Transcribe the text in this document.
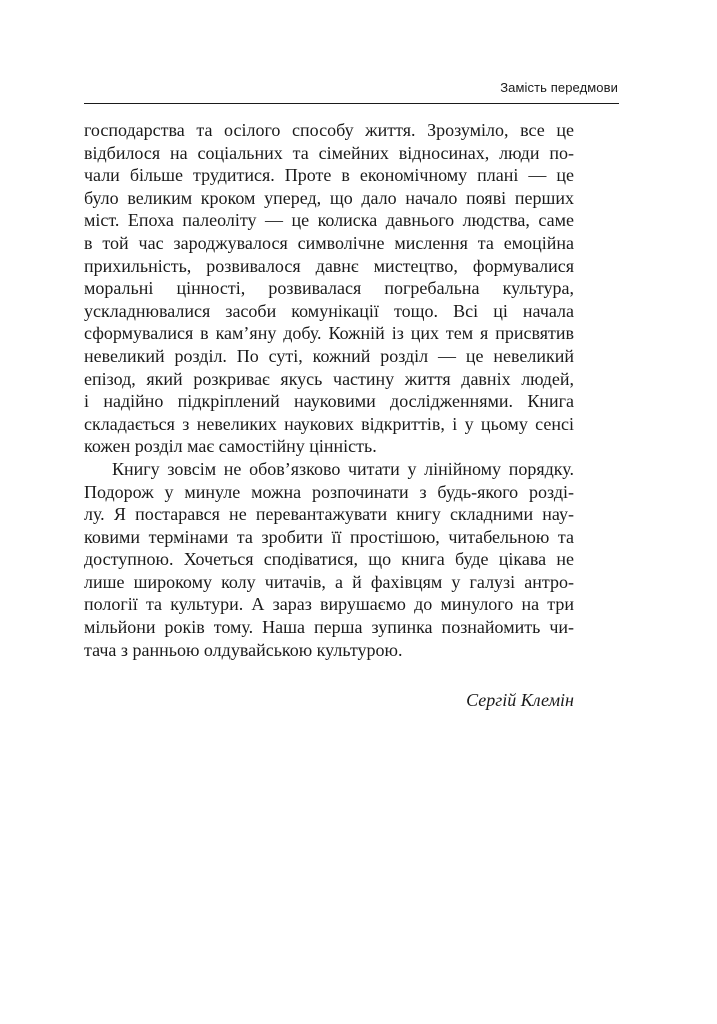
Замість передмови
господарства та осілого способу життя. Зрозуміло, все це
відбилося на соціальних та сімейних відносинах, люди по-
чали більше трудитися. Проте в економічному плані — це
було великим кроком уперед, що дало начало появі перших
міст. Епоха палеоліту — це колиска давнього людства, саме
в той час зароджувалося символічне мислення та емоційна
прихильність, розвивалося давнє мистецтво, формувалися
моральні цінності, розвивалася погребальна культура,
ускладнювалися засоби комунікації тощо. Всі ці начала
сформувалися в кам’яну добу. Кожній із цих тем я присвятив
невеликий розділ. По суті, кожний розділ — це невеликий
епізод, який розкриває якусь частину життя давніх людей,
і надійно підкріплений науковими дослідженнями. Книга
складається з невеликих наукових відкриттів, і у цьому сенсі
кожен розділ має самостійну цінність.
Книгу зовсім не обов’язково читати у лінійному порядку.
Подорож у минуле можна розпочинати з будь-якого розді-
лу. Я постарався не перевантажувати книгу складними нау-
ковими термінами та зробити її простішою, читабельною та
доступною. Хочеться сподіватися, що книга буде цікава не
лише широкому колу читачів, а й фахівцям у галузі антро-
пології та культури. А зараз вирушаємо до минулого на три
мільйони років тому. Наша перша зупинка познайомить чи-
тача з ранньою олдувайською культурою.
Сергій Клемін
